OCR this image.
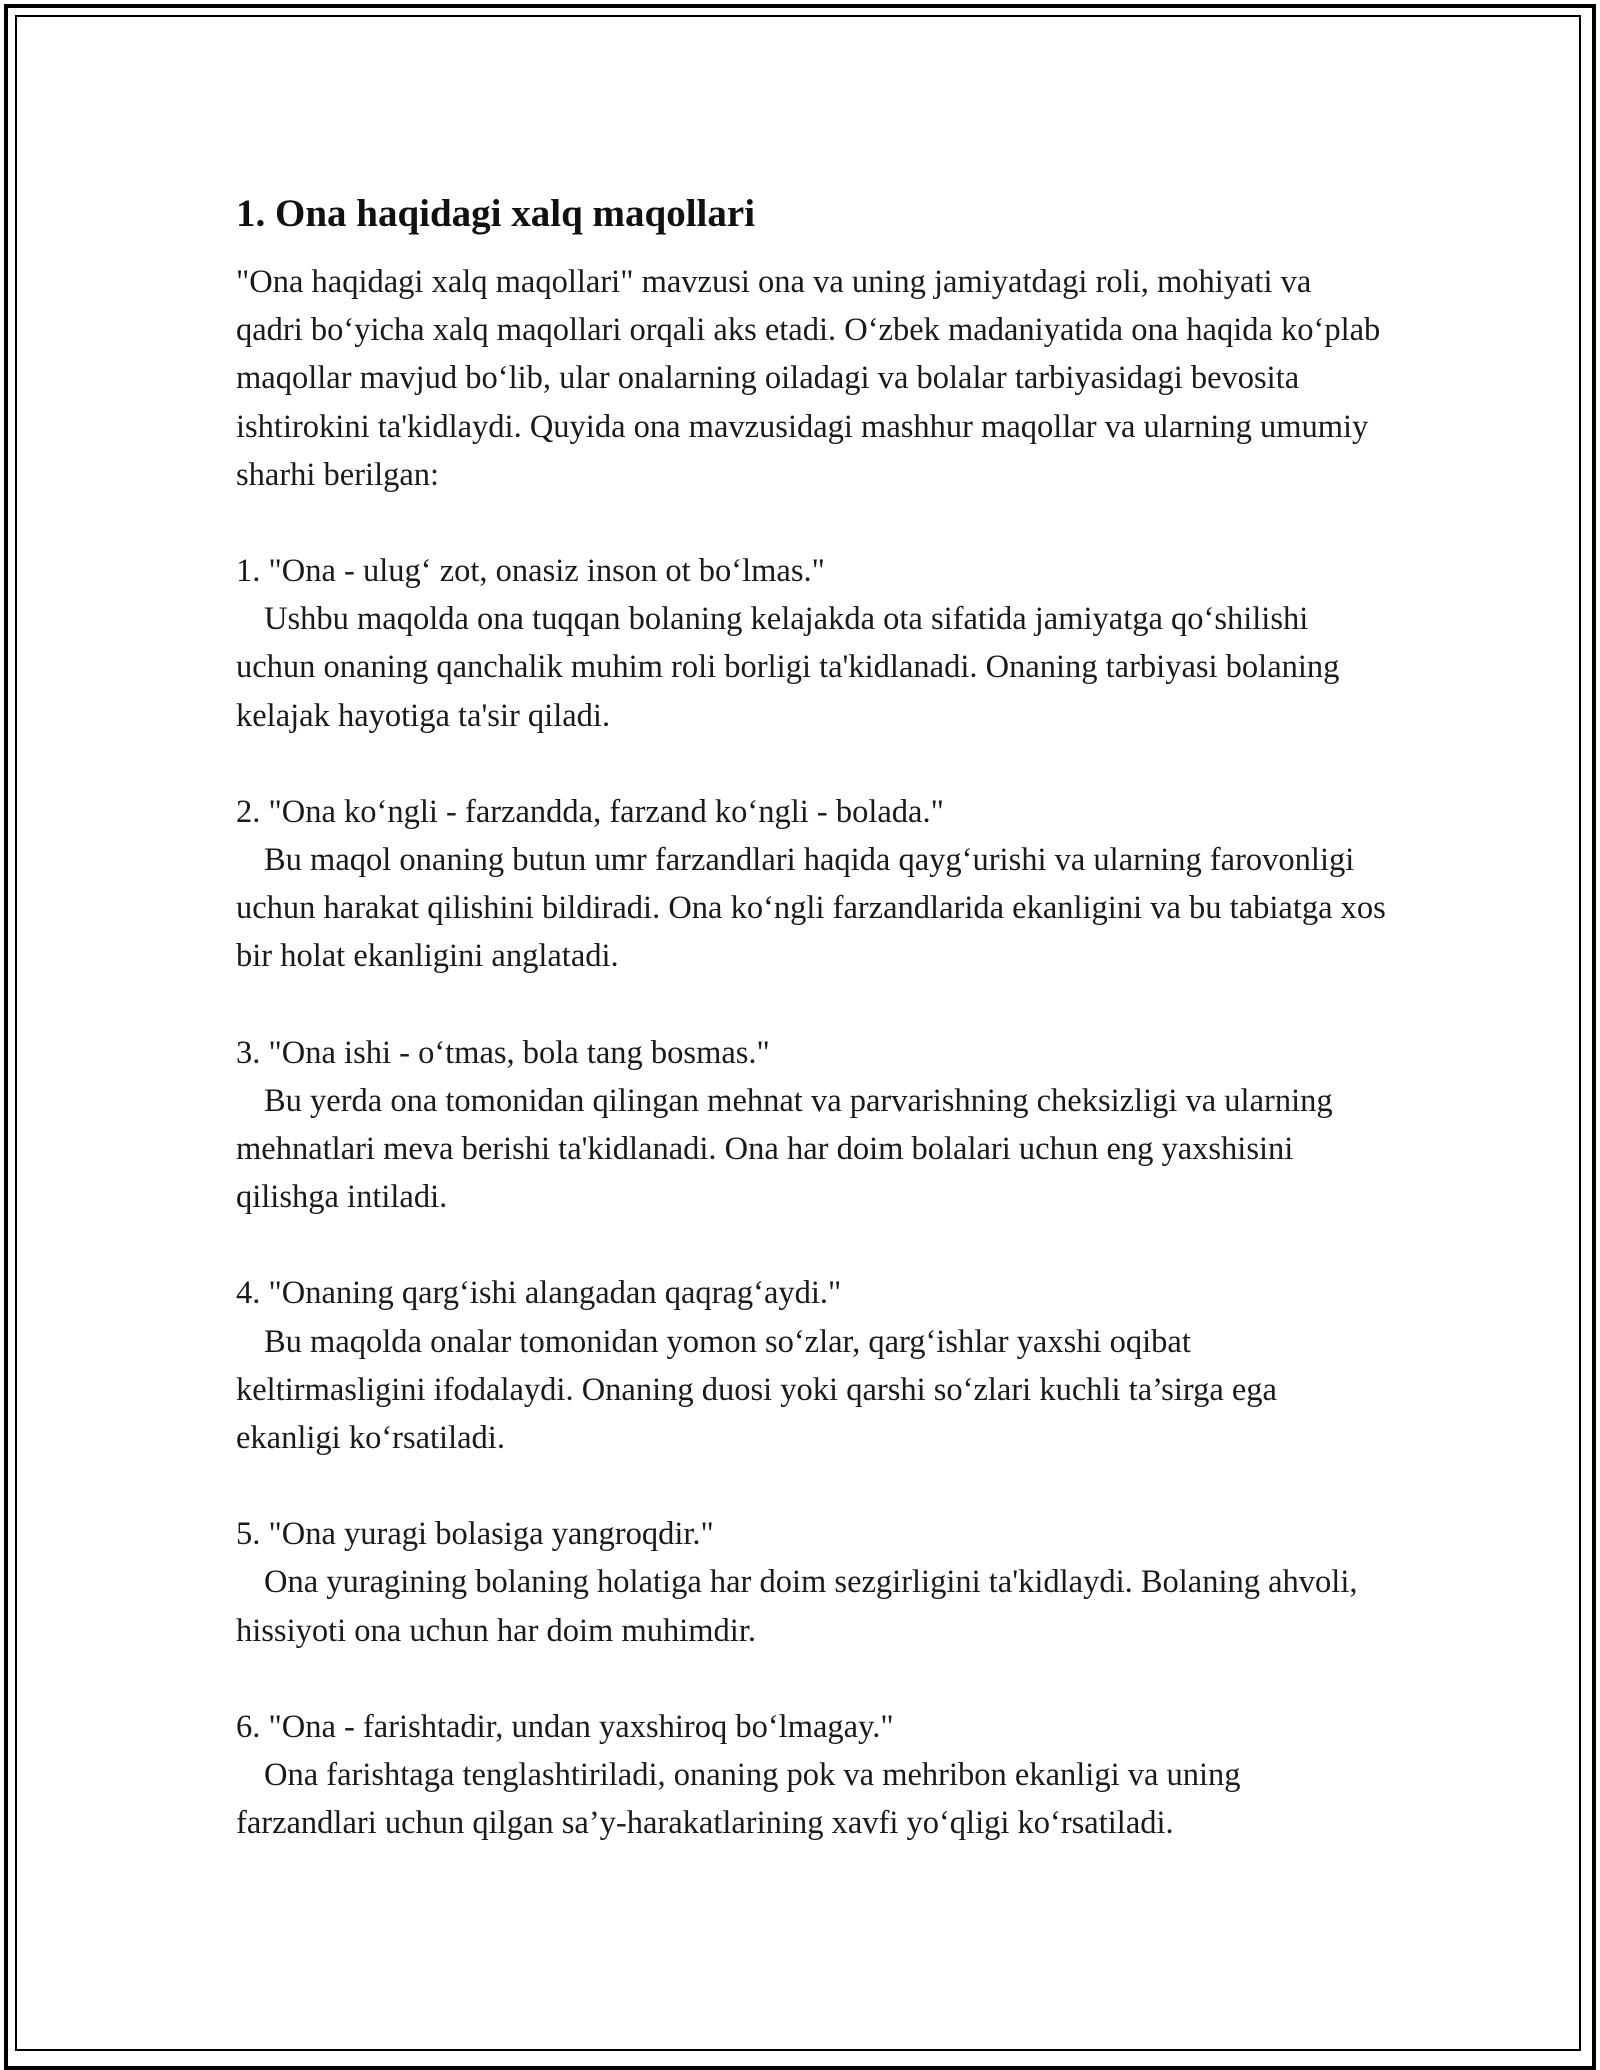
1. Ona haqidagi xalq maqollari

"Ona haqidagi xalq maqollari" mavzusi ona va uning jamiyatdagi roli, mohiyati va qadri bo‘yicha xalq maqollari orqali aks etadi. O‘zbek madaniyatida ona haqida ko‘plab maqollar mavjud bo‘lib, ular onalarning oiladagi va bolalar tarbiyasidagi bevosita ishtirokini ta'kidlaydi. Quyida ona mavzusidagi mashhur maqollar va ularning umumiy sharhi berilgan:

1. "Ona - ulug‘ zot, onasiz inson ot bo‘lmas."
Ushbu maqolda ona tuqqan bolaning kelajakda ota sifatida jamiyatga qo‘shilishi uchun onaning qanchalik muhim roli borligi ta'kidlanadi. Onaning tarbiyasi bolaning kelajak hayotiga ta'sir qiladi.
2. "Ona ko‘ngli - farzandda, farzand ko‘ngli - bolada."
Bu maqol onaning butun umr farzandlari haqida qayg‘urishi va ularning farovonligi uchun harakat qilishini bildiradi. Ona ko‘ngli farzandlarida ekanligini va bu tabiatga xos bir holat ekanligini anglatadi.
3. "Ona ishi - o‘tmas, bola tang bosmas."
Bu yerda ona tomonidan qilingan mehnat va parvarishning cheksizligi va ularning mehnatlari meva berishi ta'kidlanadi. Ona har doim bolalari uchun eng yaxshisini qilishga intiladi.
4. "Onaning qarg‘ishi alangadan qaqrag‘aydi."
Bu maqolda onalar tomonidan yomon so‘zlar, qarg‘ishlar yaxshi oqibat keltirmasligini ifodalaydi. Onaning duosi yoki qarshi so‘zlari kuchli ta’sirga ega ekanligi ko‘rsatiladi.
5. "Ona yuragi bolasiga yangroqdir."
Ona yuragining bolaning holatiga har doim sezgirligini ta'kidlaydi. Bolaning ahvoli, hissiyoti ona uchun har doim muhimdir.
6. "Ona - farishtadir, undan yaxshiroq bo‘lmagay."
Ona farishtaga tenglashtiriladi, onaning pok va mehribon ekanligi va uning farzandlari uchun qilgan sa’y-harakatlarining xavfi yo‘qligi ko‘rsatiladi.
